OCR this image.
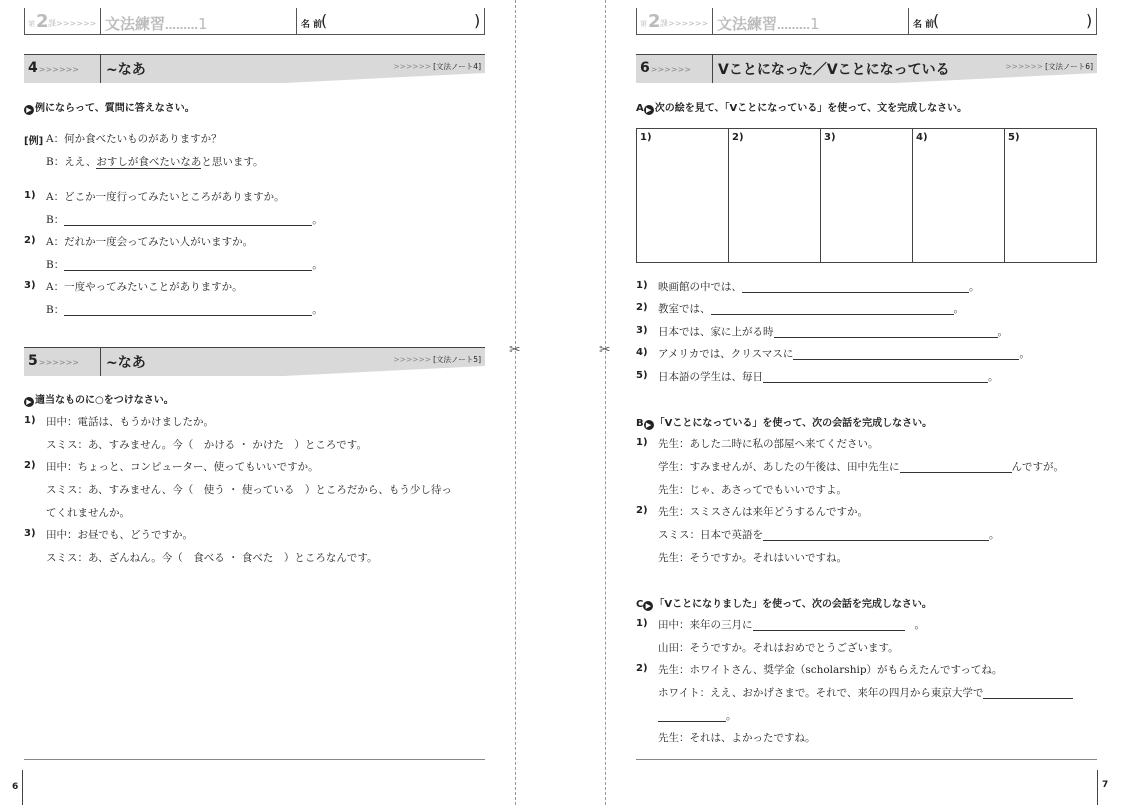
✂	✂
第 2 課>>>>>> 文法練習………1	名 前
(	)
4>>>>>> ~なあ	>>>>>> [文法ノート4]
▶ 例にならって、質問に答えなさい。
[例] A：何か食べたいものがありますか？
B：ええ、おすしが食べたいなあと思います。
1) A：どこか一度行ってみたいところがありますか。
B：	。
2) A：だれか一度会ってみたい人がいますか。
B：	。
3) A：一度やってみたいことがありますか。
B：	。
5>>>>>> ~なあ	>>>>>> [文法ノート5]
▶ 適当なものに○をつけなさい。
1) 田中：電話は、もうかけましたか。
スミス：あ、すみません。今（　かける ・ かけた　）ところです。
2) 田中：ちょっと、コンピューター、使ってもいいですか。
スミス：あ、すみません、今（　使う ・ 使っている　）ところだから、もう少し待っ
てくれませんか。
3) 田中：お昼でも、どうですか。
スミス：あ、ざんねん。今（　食べる ・ 食べた　）ところなんです。
6
第 2 課>>>>>> 文法練習………1	名 前
(	)
6>>>>>> Vことになった／Vことになっている	>>>>>> [文法ノート6]
A ▶ 次の絵を見て、「Vことになっている」を使って、文を完成しなさい。
1)	2)	3)	4)	5)
1) 映画館の中では、	。
2) 教室では、	。
3) 日本では、家に上がる時	。
4) アメリカでは、クリスマスに	。
5) 日本語の学生は、毎日	。
B ▶ 「Vことになっている」を使って、次の会話を完成しなさい。
1) 先生：あした二時に私の部屋へ来てください。
学生：すみませんが、あしたの午後は、田中先生に	んですが。
先生：じゃ、あさってでもいいですよ。
2) 先生：スミスさんは来年どうするんですか。
スミス：日本で英語を	。
先生：そうですか。それはいいですね。
C ▶ 「Vことになりました」を使って、次の会話を完成しなさい。
1) 田中：来年の三月に	。
山田：そうですか。それはおめでとうございます。
2) 先生：ホワイトさん、奨学金（scholarship）がもらえたんですってね。
ホワイト：ええ、おかげさまで。それで、来年の四月から東京大学で
。
先生：それは、よかったですね。
7
